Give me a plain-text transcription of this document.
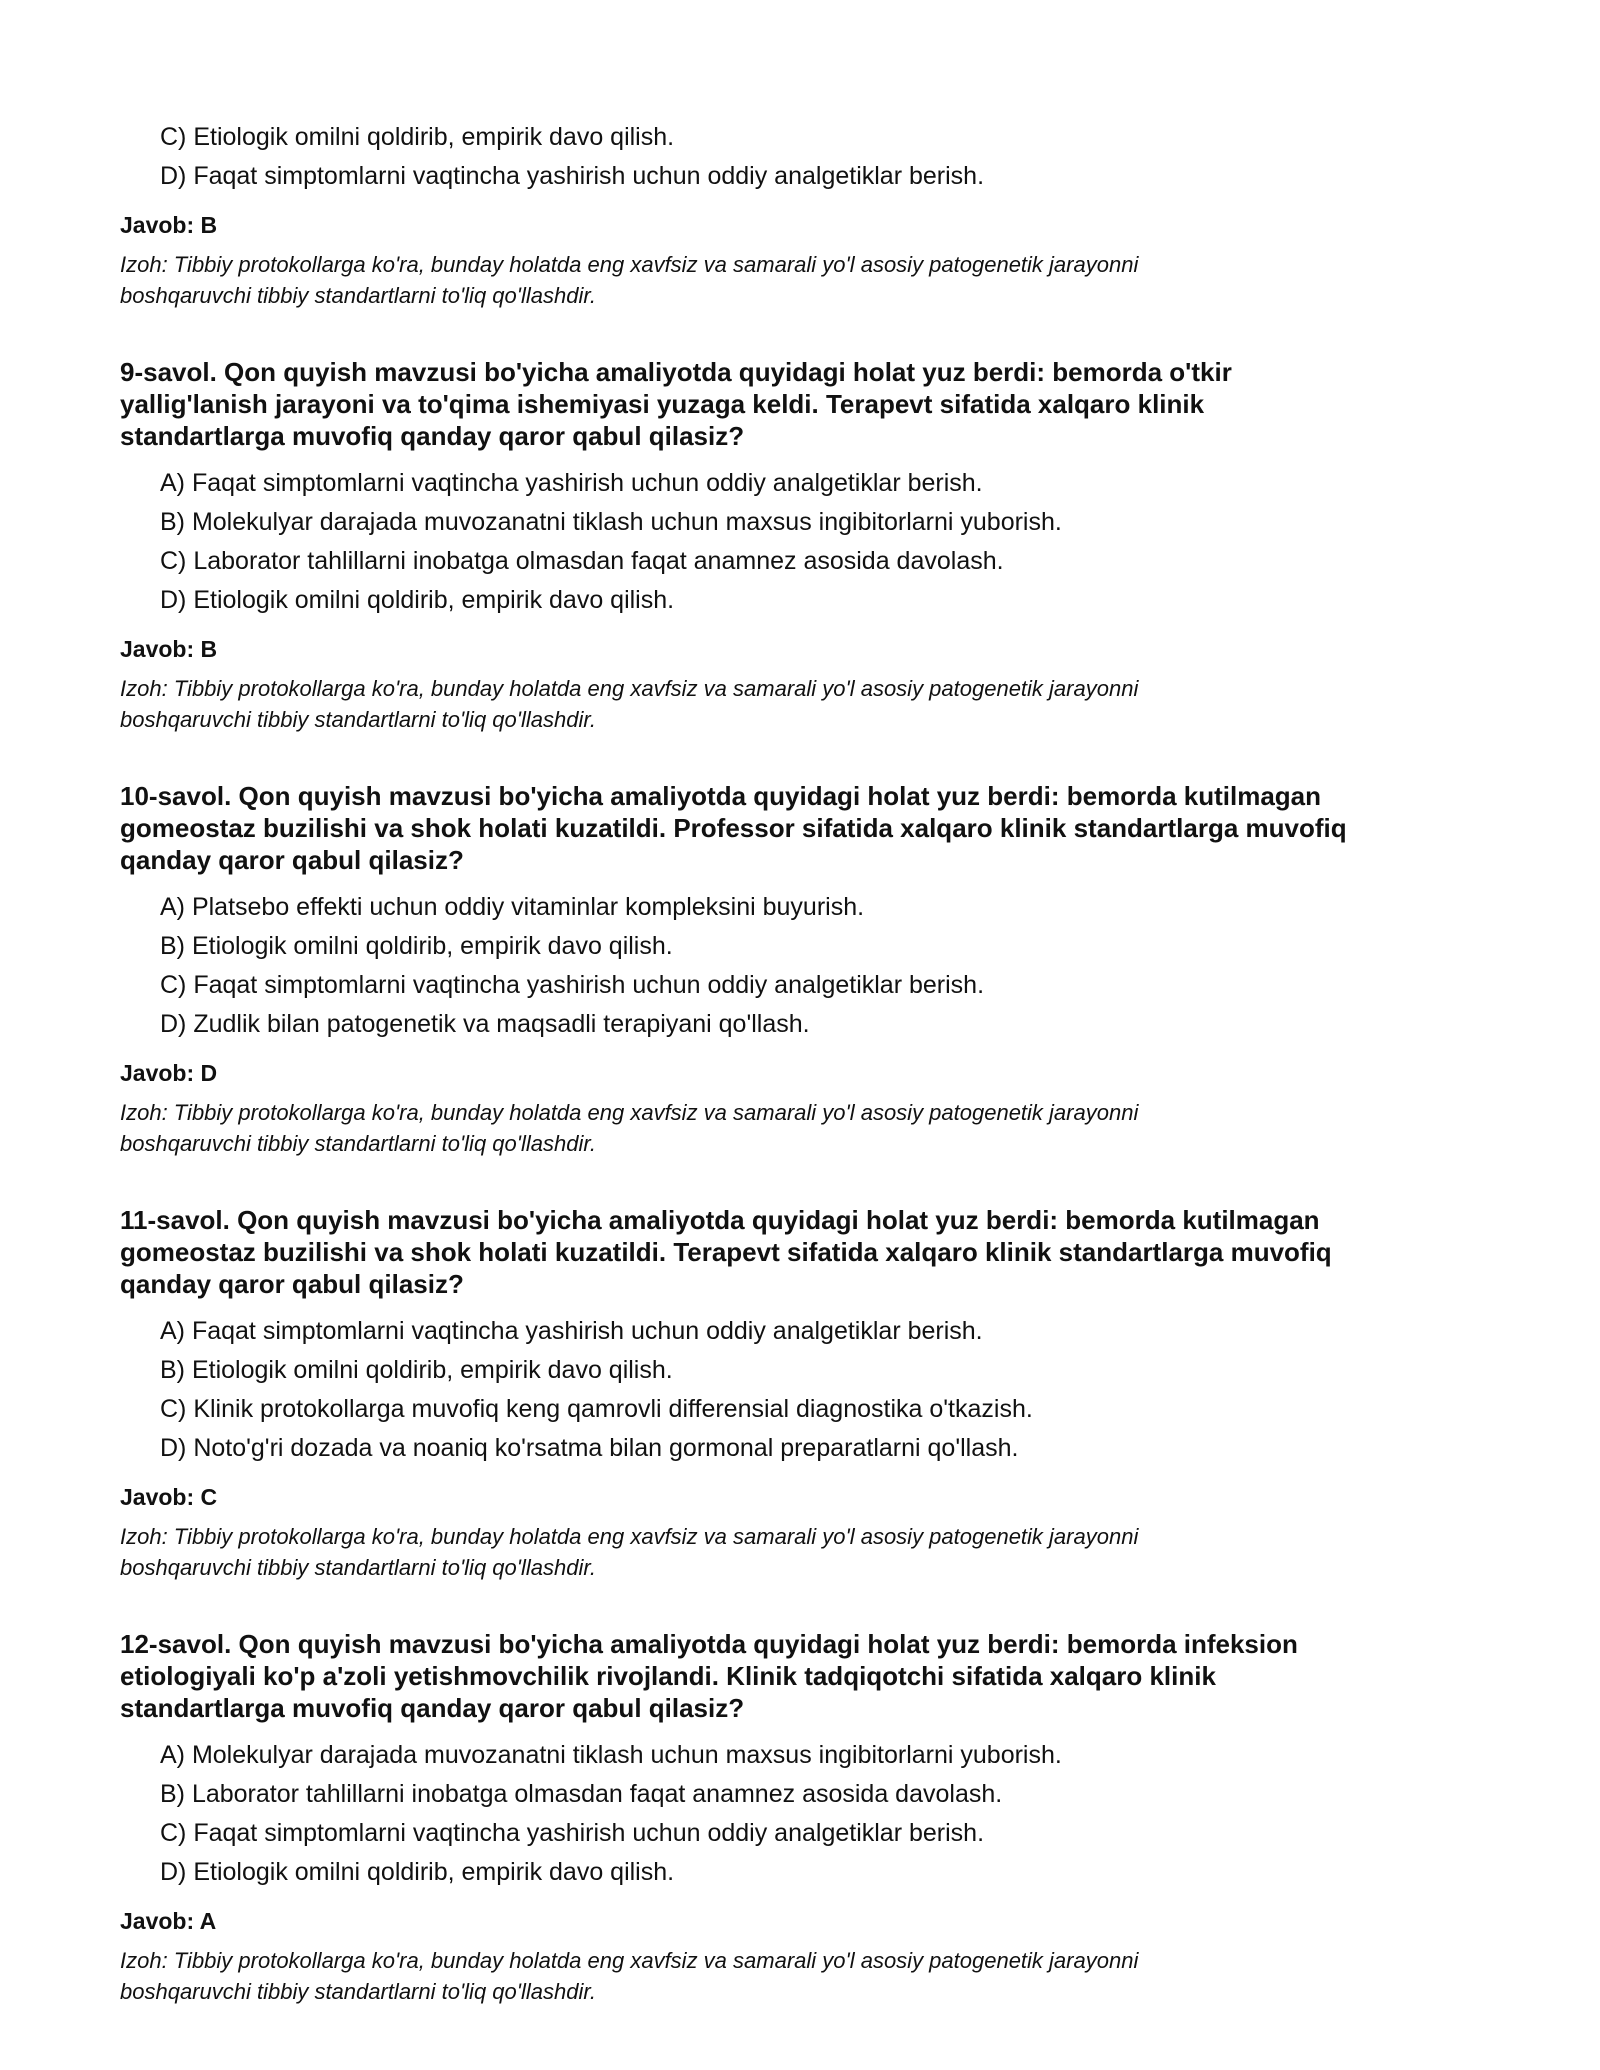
C) Etiologik omilni qoldirib, empirik davo qilish.
D) Faqat simptomlarni vaqtincha yashirish uchun oddiy analgetiklar berish.
Javob: B
Izoh: Tibbiy protokollarga ko'ra, bunday holatda eng xavfsiz va samarali yo'l asosiy patogenetik jarayonni
boshqaruvchi tibbiy standartlarni to'liq qo'llashdir.
9-savol. Qon quyish mavzusi bo'yicha amaliyotda quyidagi holat yuz berdi: bemorda o'tkir
yallig'lanish jarayoni va to'qima ishemiyasi yuzaga keldi. Terapevt sifatida xalqaro klinik
standartlarga muvofiq qanday qaror qabul qilasiz?
A) Faqat simptomlarni vaqtincha yashirish uchun oddiy analgetiklar berish.
B) Molekulyar darajada muvozanatni tiklash uchun maxsus ingibitorlarni yuborish.
C) Laborator tahlillarni inobatga olmasdan faqat anamnez asosida davolash.
D) Etiologik omilni qoldirib, empirik davo qilish.
Javob: B
Izoh: Tibbiy protokollarga ko'ra, bunday holatda eng xavfsiz va samarali yo'l asosiy patogenetik jarayonni
boshqaruvchi tibbiy standartlarni to'liq qo'llashdir.
10-savol. Qon quyish mavzusi bo'yicha amaliyotda quyidagi holat yuz berdi: bemorda kutilmagan
gomeostaz buzilishi va shok holati kuzatildi. Professor sifatida xalqaro klinik standartlarga muvofiq
qanday qaror qabul qilasiz?
A) Platsebo effekti uchun oddiy vitaminlar kompleksini buyurish.
B) Etiologik omilni qoldirib, empirik davo qilish.
C) Faqat simptomlarni vaqtincha yashirish uchun oddiy analgetiklar berish.
D) Zudlik bilan patogenetik va maqsadli terapiyani qo'llash.
Javob: D
Izoh: Tibbiy protokollarga ko'ra, bunday holatda eng xavfsiz va samarali yo'l asosiy patogenetik jarayonni
boshqaruvchi tibbiy standartlarni to'liq qo'llashdir.
11-savol. Qon quyish mavzusi bo'yicha amaliyotda quyidagi holat yuz berdi: bemorda kutilmagan
gomeostaz buzilishi va shok holati kuzatildi. Terapevt sifatida xalqaro klinik standartlarga muvofiq
qanday qaror qabul qilasiz?
A) Faqat simptomlarni vaqtincha yashirish uchun oddiy analgetiklar berish.
B) Etiologik omilni qoldirib, empirik davo qilish.
C) Klinik protokollarga muvofiq keng qamrovli differensial diagnostika o'tkazish.
D) Noto'g'ri dozada va noaniq ko'rsatma bilan gormonal preparatlarni qo'llash.
Javob: C
Izoh: Tibbiy protokollarga ko'ra, bunday holatda eng xavfsiz va samarali yo'l asosiy patogenetik jarayonni
boshqaruvchi tibbiy standartlarni to'liq qo'llashdir.
12-savol. Qon quyish mavzusi bo'yicha amaliyotda quyidagi holat yuz berdi: bemorda infeksion
etiologiyali ko'p a'zoli yetishmovchilik rivojlandi. Klinik tadqiqotchi sifatida xalqaro klinik
standartlarga muvofiq qanday qaror qabul qilasiz?
A) Molekulyar darajada muvozanatni tiklash uchun maxsus ingibitorlarni yuborish.
B) Laborator tahlillarni inobatga olmasdan faqat anamnez asosida davolash.
C) Faqat simptomlarni vaqtincha yashirish uchun oddiy analgetiklar berish.
D) Etiologik omilni qoldirib, empirik davo qilish.
Javob: A
Izoh: Tibbiy protokollarga ko'ra, bunday holatda eng xavfsiz va samarali yo'l asosiy patogenetik jarayonni
boshqaruvchi tibbiy standartlarni to'liq qo'llashdir.
